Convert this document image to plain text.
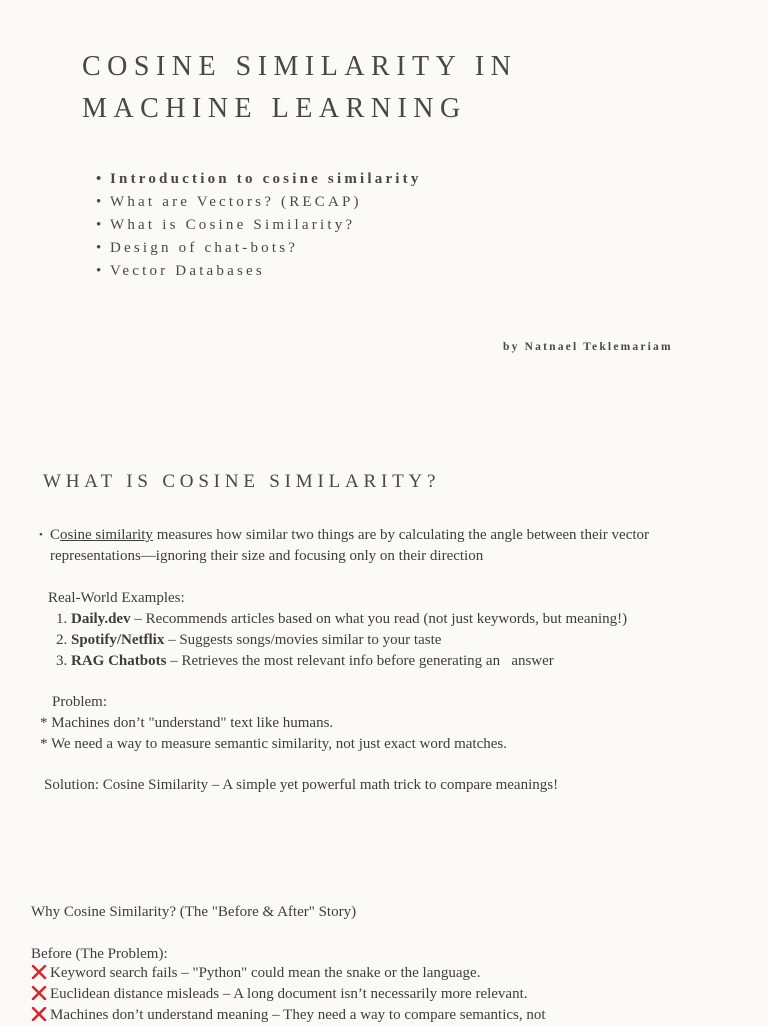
COSINE SIMILARITY IN
MACHINE LEARNING
• Introduction to cosine similarity
• What are Vectors? (RECAP)
• What is Cosine Similarity?
• Design of chat-bots?
• Vector Databases
by Natnael Teklemariam
WHAT IS COSINE SIMILARITY?
• Cosine similarity measures how similar two things are by calculating the angle between their vector
representations—ignoring their size and focusing only on their direction
Real-World Examples:
1. Daily.dev – Recommends articles based on what you read (not just keywords, but meaning!)
2. Spotify/Netflix – Suggests songs/movies similar to your taste
3. RAG Chatbots – Retrieves the most relevant info before generating an   answer
Problem:
* Machines don’t "understand" text like humans.
* We need a way to measure semantic similarity, not just exact word matches.
Solution: Cosine Similarity – A simple yet powerful math trick to compare meanings!
Why Cosine Similarity? (The "Before & After" Story)
Before (The Problem):
Keyword search fails – "Python" could mean the snake or the language.
Euclidean distance misleads – A long document isn’t necessarily more relevant.
Machines don’t understand meaning – They need a way to compare semantics, not
